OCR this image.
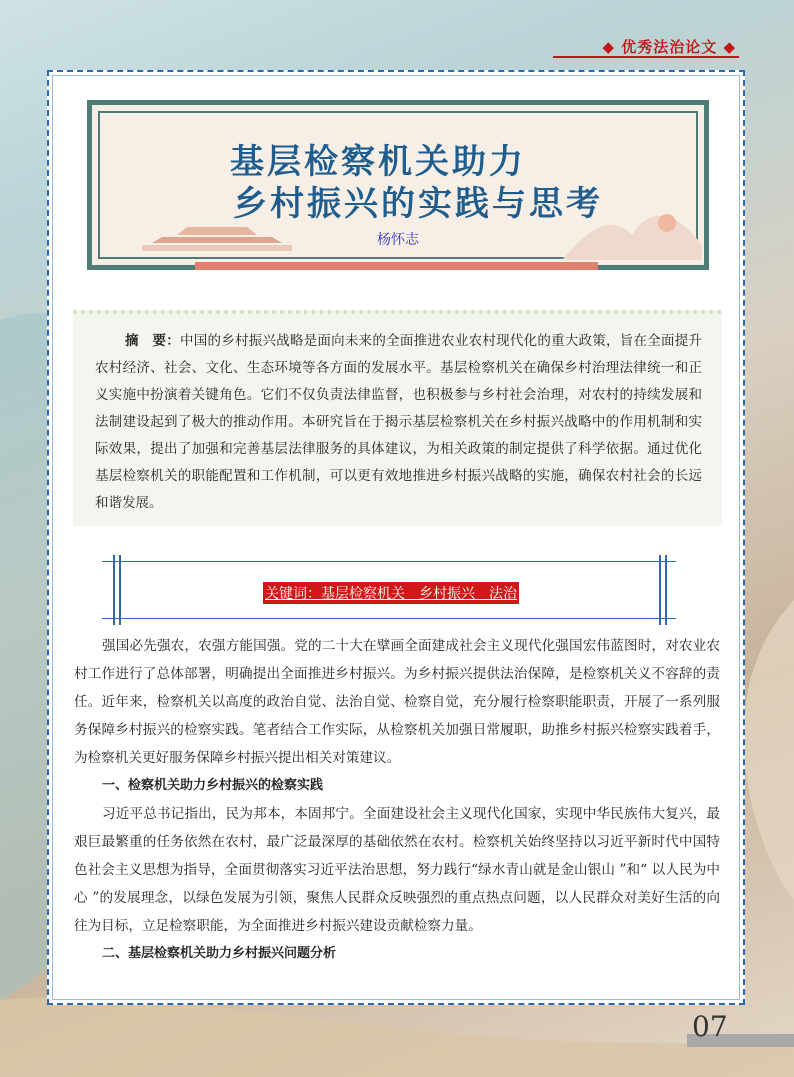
◆ 优秀法治论文 ◆
基层检察机关助力
乡村振兴的实践与思考
杨怀志
摘　要：中国的乡村振兴战略是面向未来的全面推进农业农村现代化的重大政策，旨在全面提升农村经济、社会、文化、生态环境等各方面的发展水平。基层检察机关在确保乡村治理法律统一和正义实施中扮演着关键角色。它们不仅负责法律监督，也积极参与乡村社会治理，对农村的持续发展和法制建设起到了极大的推动作用。本研究旨在于揭示基层检察机关在乡村振兴战略中的作用机制和实际效果，提出了加强和完善基层法律服务的具体建议，为相关政策的制定提供了科学依据。通过优化基层检察机关的职能配置和工作机制，可以更有效地推进乡村振兴战略的实施，确保农村社会的长远和谐发展。
关键词：基层检察机关　乡村振兴　法治

强国必先强农，农强方能国强。党的二十大在擘画全面建成社会主义现代化强国宏伟蓝图时，对农业农村工作进行了总体部署，明确提出全面推进乡村振兴。为乡村振兴提供法治保障，是检察机关义不容辞的责任。近年来，检察机关以高度的政治自觉、法治自觉、检察自觉，充分履行检察职能职责，开展了一系列服务保障乡村振兴的检察实践。笔者结合工作实际，从检察机关加强日常履职，助推乡村振兴检察实践着手，为检察机关更好服务保障乡村振兴提出相关对策建议。

一、检察机关助力乡村振兴的检察实践

习近平总书记指出，民为邦本，本固邦宁。全面建设社会主义现代化国家，实现中华民族伟大复兴，最艰巨最繁重的任务依然在农村，最广泛最深厚的基础依然在农村。检察机关始终坚持以习近平新时代中国特色社会主义思想为指导，全面贯彻落实习近平法治思想，努力践行“绿水青山就是金山银山 ”和“ 以人民为中心 ”的发展理念，以绿色发展为引领，聚焦人民群众反映强烈的重点热点问题，以人民群众对美好生活的向往为目标，立足检察职能，为全面推进乡村振兴建设贡献检察力量。

二、基层检察机关助力乡村振兴问题分析

07
